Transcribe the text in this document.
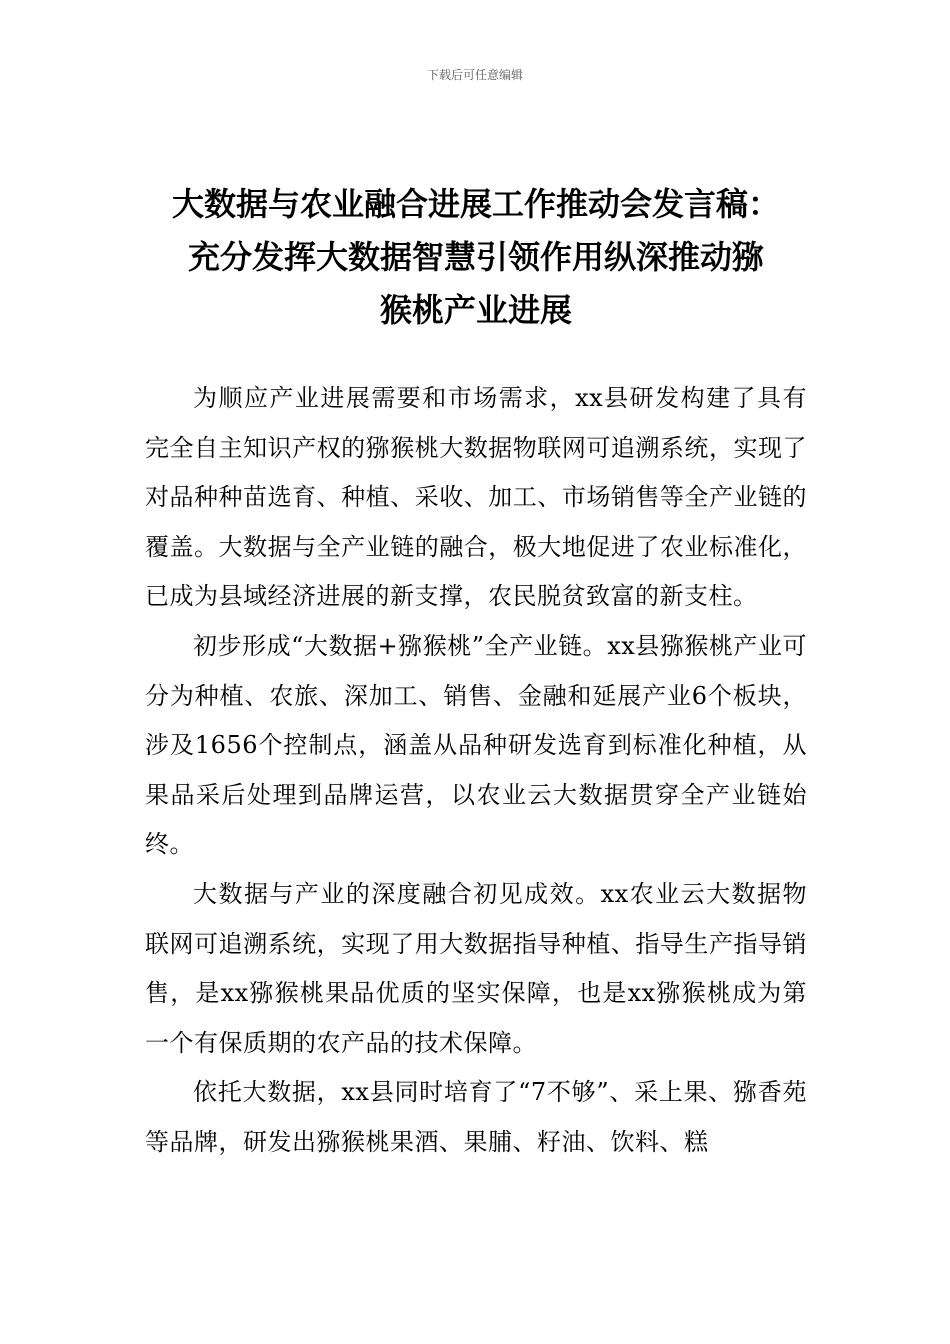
下载后可任意编辑
大数据与农业融合进展工作推动会发言稿：
充分发挥大数据智慧引领作用纵深推动猕
猴桃产业进展

为顺应产业进展需要和市场需求，xx县研发构建了具有完全自主知识产权的猕猴桃大数据物联网可追溯系统，实现了对品种种苗选育、种植、采收、加工、市场销售等全产业链的覆盖。大数据与全产业链的融合，极大地促进了农业标准化，已成为县域经济进展的新支撑，农民脱贫致富的新支柱。

初步形成“大数据+猕猴桃”全产业链。xx县猕猴桃产业可分为种植、农旅、深加工、销售、金融和延展产业6个板块，涉及1656个控制点，涵盖从品种研发选育到标准化种植，从果品采后处理到品牌运营，以农业云大数据贯穿全产业链始终。

大数据与产业的深度融合初见成效。xx农业云大数据物联网可追溯系统，实现了用大数据指导种植、指导生产指导销售，是xx猕猴桃果品优质的坚实保障，也是xx猕猴桃成为第一个有保质期的农产品的技术保障。

依托大数据，xx县同时培育了“7不够”、采上果、猕香苑等品牌，研发出猕猴桃果酒、果脯、籽油、饮料、糕
